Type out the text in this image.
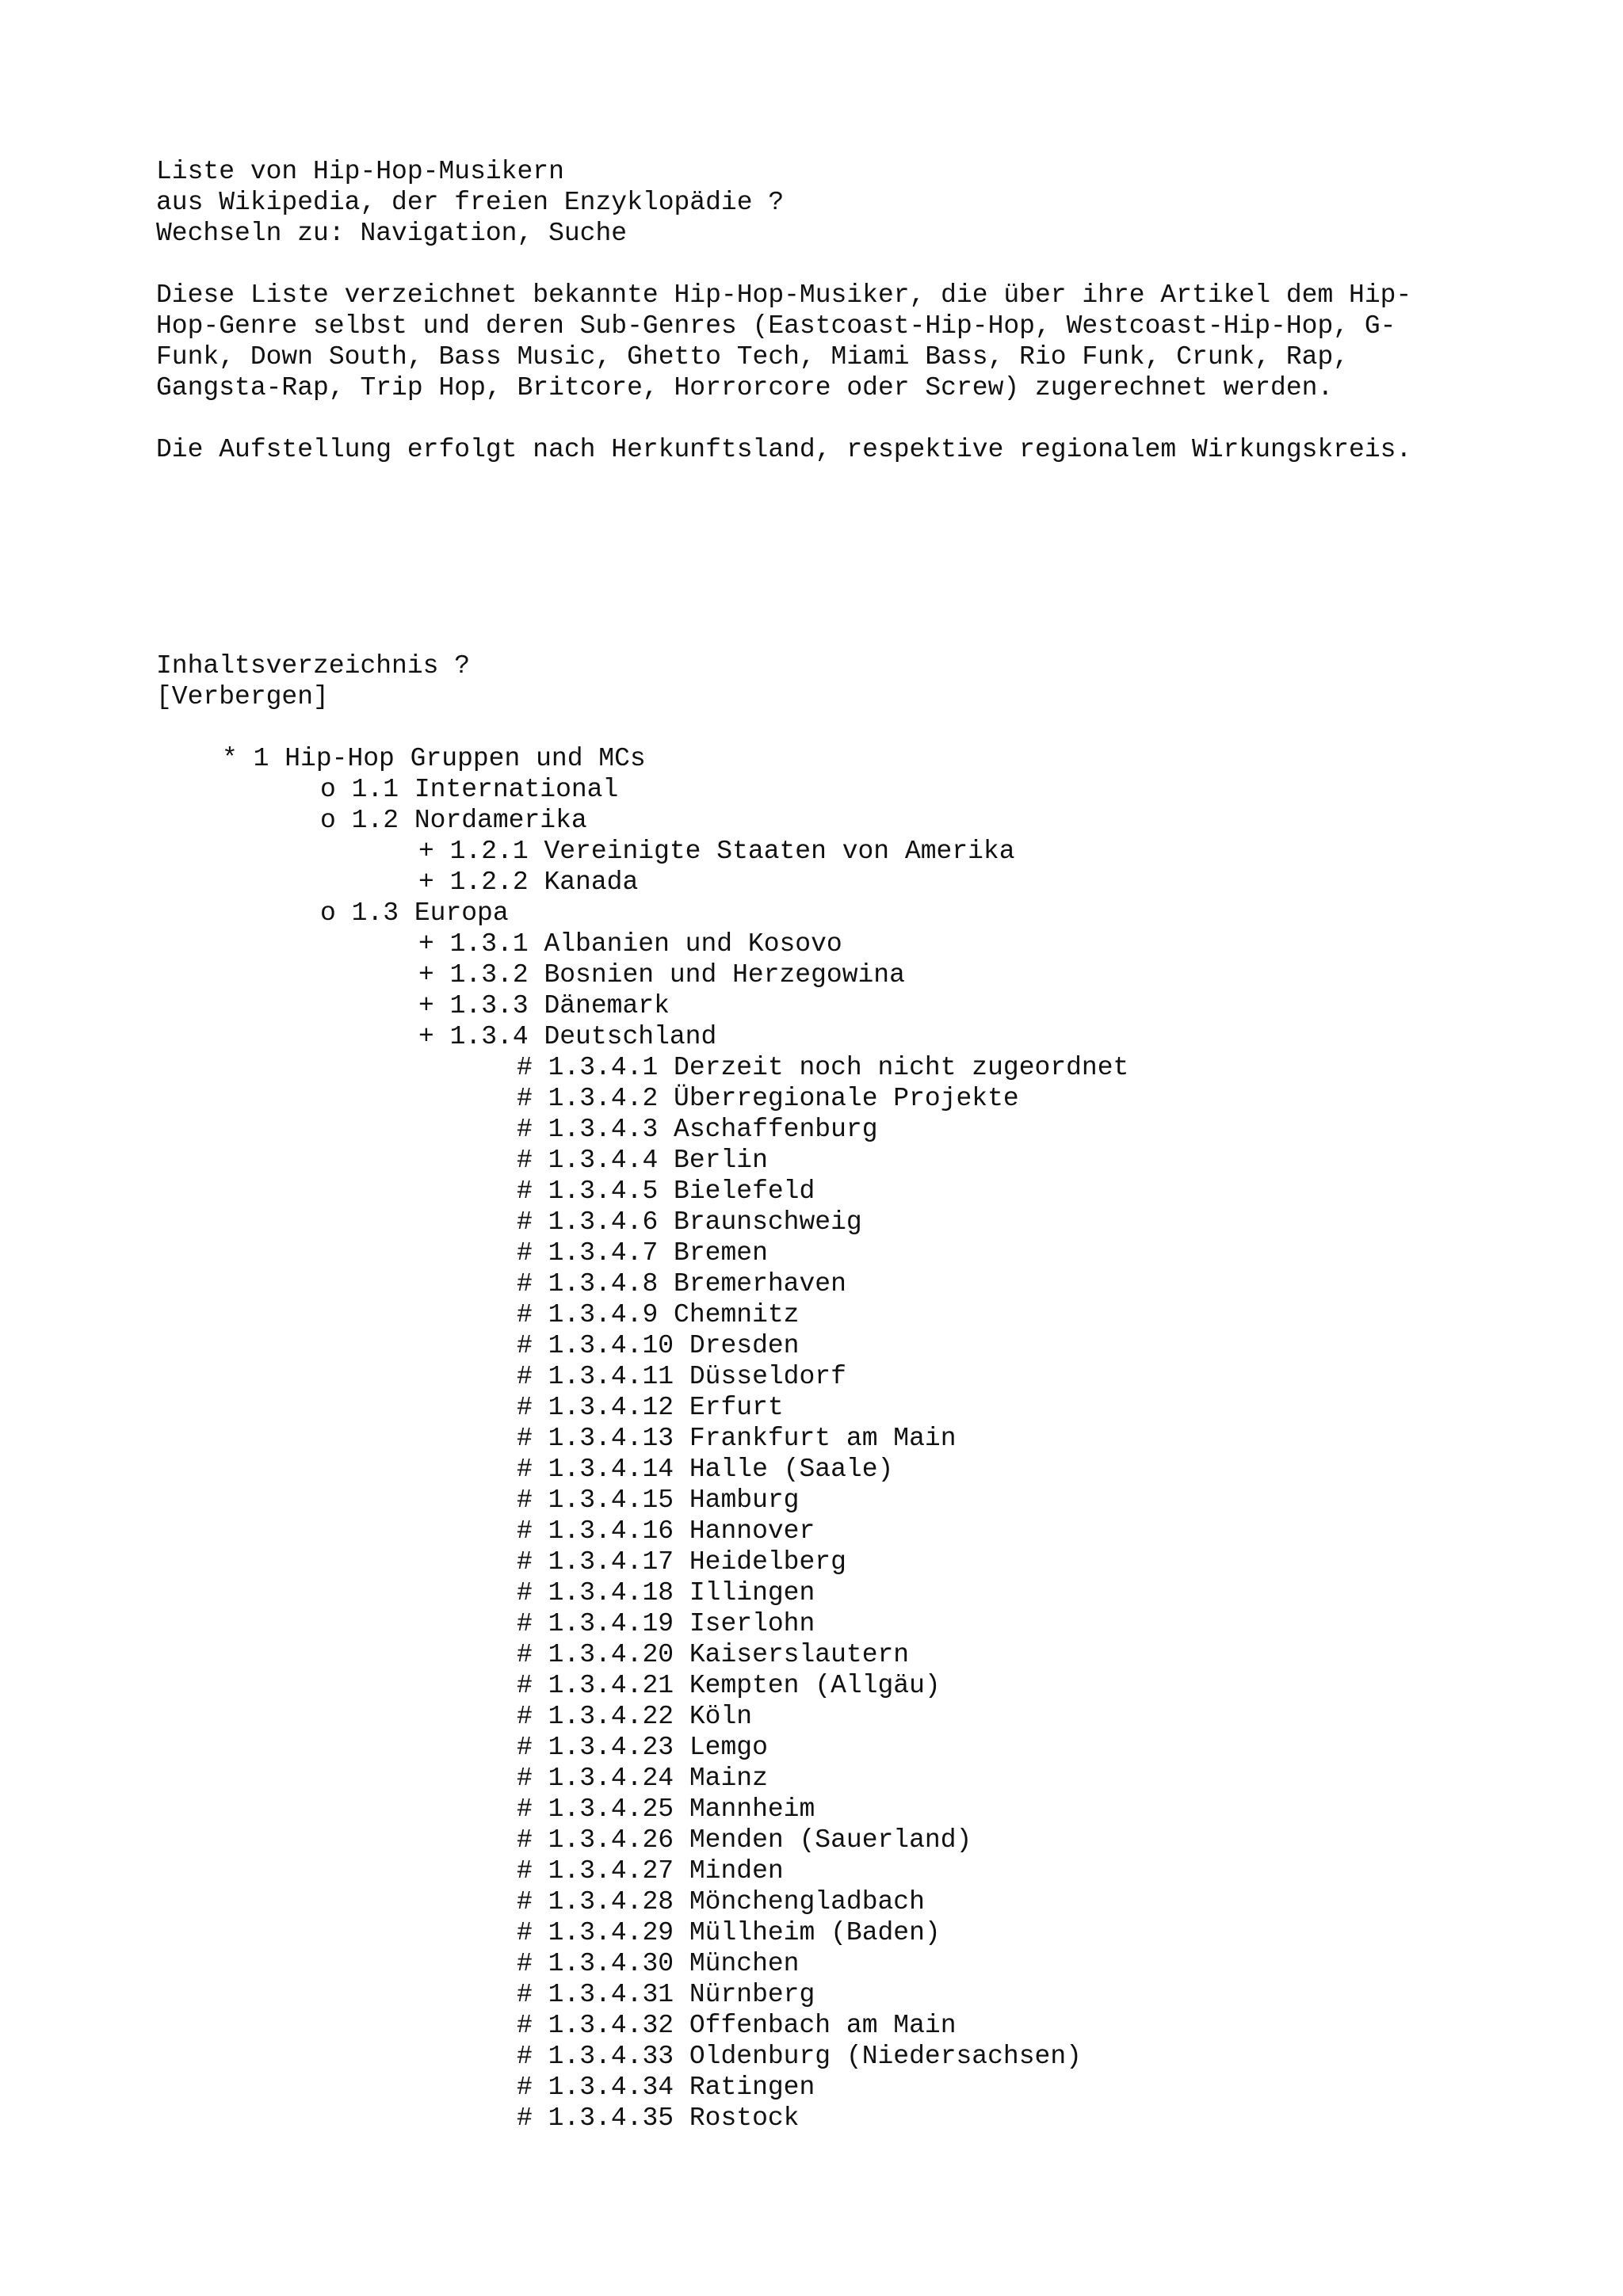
Liste von Hip-Hop-Musikern
aus Wikipedia, der freien Enzyklopädie ?
Wechseln zu: Navigation, Suche
Diese Liste verzeichnet bekannte Hip-Hop-Musiker, die über ihre Artikel dem Hip-
Hop-Genre selbst und deren Sub-Genres (Eastcoast-Hip-Hop, Westcoast-Hip-Hop, G-
Funk, Down South, Bass Music, Ghetto Tech, Miami Bass, Rio Funk, Crunk, Rap,
Gangsta-Rap, Trip Hop, Britcore, Horrorcore oder Screw) zugerechnet werden.
Die Aufstellung erfolgt nach Herkunftsland, respektive regionalem Wirkungskreis.
Inhaltsverzeichnis ?
[Verbergen]
* 1 Hip-Hop Gruppen und MCs
o 1.1 International
o 1.2 Nordamerika
+ 1.2.1 Vereinigte Staaten von Amerika
+ 1.2.2 Kanada
o 1.3 Europa
+ 1.3.1 Albanien und Kosovo
+ 1.3.2 Bosnien und Herzegowina
+ 1.3.3 Dänemark
+ 1.3.4 Deutschland
# 1.3.4.1 Derzeit noch nicht zugeordnet
# 1.3.4.2 Überregionale Projekte
# 1.3.4.3 Aschaffenburg
# 1.3.4.4 Berlin
# 1.3.4.5 Bielefeld
# 1.3.4.6 Braunschweig
# 1.3.4.7 Bremen
# 1.3.4.8 Bremerhaven
# 1.3.4.9 Chemnitz
# 1.3.4.10 Dresden
# 1.3.4.11 Düsseldorf
# 1.3.4.12 Erfurt
# 1.3.4.13 Frankfurt am Main
# 1.3.4.14 Halle (Saale)
# 1.3.4.15 Hamburg
# 1.3.4.16 Hannover
# 1.3.4.17 Heidelberg
# 1.3.4.18 Illingen
# 1.3.4.19 Iserlohn
# 1.3.4.20 Kaiserslautern
# 1.3.4.21 Kempten (Allgäu)
# 1.3.4.22 Köln
# 1.3.4.23 Lemgo
# 1.3.4.24 Mainz
# 1.3.4.25 Mannheim
# 1.3.4.26 Menden (Sauerland)
# 1.3.4.27 Minden
# 1.3.4.28 Mönchengladbach
# 1.3.4.29 Müllheim (Baden)
# 1.3.4.30 München
# 1.3.4.31 Nürnberg
# 1.3.4.32 Offenbach am Main
# 1.3.4.33 Oldenburg (Niedersachsen)
# 1.3.4.34 Ratingen
# 1.3.4.35 Rostock
